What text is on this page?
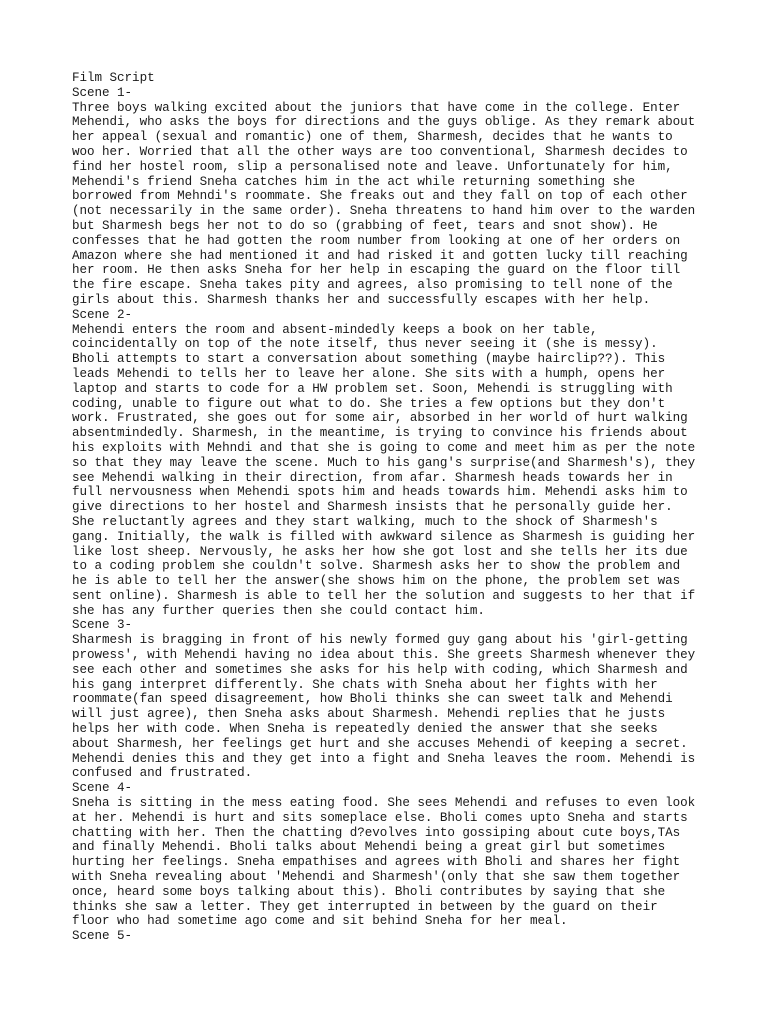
Film Script
Scene 1-
Three boys walking excited about the juniors that have come in the college. Enter
Mehendi, who asks the boys for directions and the guys oblige. As they remark about
her appeal (sexual and romantic) one of them, Sharmesh, decides that he wants to
woo her. Worried that all the other ways are too conventional, Sharmesh decides to
find her hostel room, slip a personalised note and leave. Unfortunately for him,
Mehendi's friend Sneha catches him in the act while returning something she
borrowed from Mehndi's roommate. She freaks out and they fall on top of each other
(not necessarily in the same order). Sneha threatens to hand him over to the warden
but Sharmesh begs her not to do so (grabbing of feet, tears and snot show). He
confesses that he had gotten the room number from looking at one of her orders on
Amazon where she had mentioned it and had risked it and gotten lucky till reaching
her room. He then asks Sneha for her help in escaping the guard on the floor till
the fire escape. Sneha takes pity and agrees, also promising to tell none of the
girls about this. Sharmesh thanks her and successfully escapes with her help.
Scene 2-
Mehendi enters the room and absent-mindedly keeps a book on her table,
coincidentally on top of the note itself, thus never seeing it (she is messy).
Bholi attempts to start a conversation about something (maybe hairclip??). This
leads Mehendi to tells her to leave her alone. She sits with a humph, opens her
laptop and starts to code for a HW problem set. Soon, Mehendi is struggling with
coding, unable to figure out what to do. She tries a few options but they don't
work. Frustrated, she goes out for some air, absorbed in her world of hurt walking
absentmindedly. Sharmesh, in the meantime, is trying to convince his friends about
his exploits with Mehndi and that she is going to come and meet him as per the note
so that they may leave the scene. Much to his gang's surprise(and Sharmesh's), they
see Mehendi walking in their direction, from afar. Sharmesh heads towards her in
full nervousness when Mehendi spots him and heads towards him. Mehendi asks him to
give directions to her hostel and Sharmesh insists that he personally guide her.
She reluctantly agrees and they start walking, much to the shock of Sharmesh's
gang. Initially, the walk is filled with awkward silence as Sharmesh is guiding her
like lost sheep. Nervously, he asks her how she got lost and she tells her its due
to a coding problem she couldn't solve. Sharmesh asks her to show the problem and
he is able to tell her the answer(she shows him on the phone, the problem set was
sent online). Sharmesh is able to tell her the solution and suggests to her that if
she has any further queries then she could contact him.
Scene 3-
Sharmesh is bragging in front of his newly formed guy gang about his 'girl-getting
prowess', with Mehendi having no idea about this. She greets Sharmesh whenever they
see each other and sometimes she asks for his help with coding, which Sharmesh and
his gang interpret differently. She chats with Sneha about her fights with her
roommate(fan speed disagreement, how Bholi thinks she can sweet talk and Mehendi
will just agree), then Sneha asks about Sharmesh. Mehendi replies that he justs
helps her with code. When Sneha is repeatedly denied the answer that she seeks
about Sharmesh, her feelings get hurt and she accuses Mehendi of keeping a secret.
Mehendi denies this and they get into a fight and Sneha leaves the room. Mehendi is
confused and frustrated.
Scene 4-
Sneha is sitting in the mess eating food. She sees Mehendi and refuses to even look
at her. Mehendi is hurt and sits someplace else. Bholi comes upto Sneha and starts
chatting with her. Then the chatting d?evolves into gossiping about cute boys,TAs
and finally Mehendi. Bholi talks about Mehendi being a great girl but sometimes
hurting her feelings. Sneha empathises and agrees with Bholi and shares her fight
with Sneha revealing about 'Mehendi and Sharmesh'(only that she saw them together
once, heard some boys talking about this). Bholi contributes by saying that she
thinks she saw a letter. They get interrupted in between by the guard on their
floor who had sometime ago come and sit behind Sneha for her meal.
Scene 5-
